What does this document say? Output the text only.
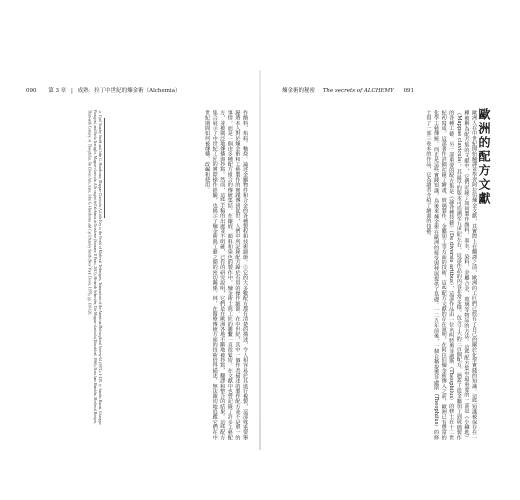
090 第 3 章 | 成熟：拉丁中世紀的煉金術（Alchemia）	煉金術的秘密 The secrets of ALCHEMY 091
① Cyril Stanley Smith and John G. Hawthorne, Mappae Clavicula: A Little Key to the World of Medieval Techniques, Transactions of the American Philosophical Society 64 (1974): 1-128. ② Sandro Baroni, Giuseppe Pizzigoni, and Paola Travaglio, Mappae clavicula: Alle origini dell'alchimia in Occidente (Saonara: Il Prato, 2013); Heinrich Schneider, Die Mappae clavicula (Düsseldorf, 1966); Dora Jane Hamblin, Medieval Recipes, Thirteenth Century. ③ Theophilus, On Divers Arts, trans. John G. Hawthorne and Cyril Stanley Smith (New York: Dover, 1979), pp. 119-120.	作酪料、焰料、釉烧。論述金屬物件和合金的各種製程和技術細節。②它的大多數配方都有清楚的描述，令人相容易於其進行複製，這部殊重要擧歸將本人對於煉金術和工藝製作的實踐傳到從世，人們中所記錄配方歸於有用的操作細節。在中世紀，其中一個作者描述的製作配方並不是單一的事情，而是一個由多種配方組合的傳統集結。在鑲嵌、顏料和染色的製作中，煉金術士與工匠的聯繫一直很緊密，在文獻中也曾記錄了許多工藝配方，並被廣泛地傳播與抄寫。然而，這些手稿的出處並不明確，已有的研究說明，它們是在歐洲各地不斷地被抄寫、翻譯和整合的結果。這些配方集合展示了中世紀工匠的實際操作經驗，也揭示了煉金術與工藝之間的密切關係。林，在醫療傳統方面的技術倍得描述，無法確切地追蹤它們在中世紀期間如何被傳播、改編和使用。	歐洲人在中世紀開始翻譯並學習阿拉伯煉金文獻，其實際上在翻譯之前，歐洲的工匠們已經有了自己的關於化學實踐的知識。這些知識被保存在一種被稱為配方集的文獻中，它們記錄了如何製作顏料、墨水、染料、金屬合金、玻璃等物品的方法。這些配方集中最重要的一部是《小鑰匙》（Mappae clavicula），其最早的版本可追溯至九世紀左右。這部作品的內容非常多樣，包含了大約三百個配方，涵蓋了從金屬加工到玻璃製作的各種工藝。另一部重要的配方集是《論各種技藝》（De diversis artibus），這部作品由一位名叫特奧菲盧斯（Theophilus）的修士在十二世紀初寫成。這部著作詳細記錄了繪畫、玻璃製作、金屬加工等方面的技術。這些配方文獻的存在說明，在阿拉伯煉金術傳入之前，歐洲已有豐富的化學工藝傳統。而正是這些實踐知識，為後來煉金術在歐洲的接受與發展提供了基礎。一二五年前後，一個自稱提奧菲盧斯（Theophilus）的修士寫了一部三卷本的作品，它為讀者介紹了繪畫的技藝。	歐洲的配方文獻
